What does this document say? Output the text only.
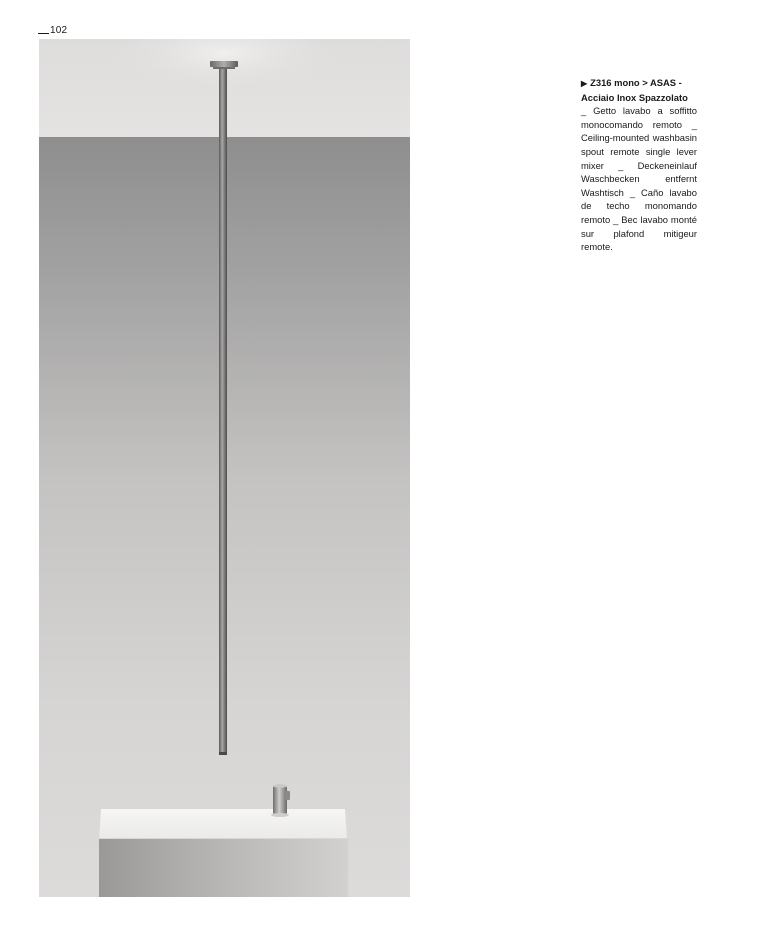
102
▶ Z316 mono > ASAS -
Acciaio Inox Spazzolato
_ Getto lavabo a soffitto monocomando remoto _ Ceiling-mounted washbasin spout remote single lever mixer _ Deckeneinlauf Waschbecken entfernt Washtisch _ Caño lavabo de techo monomando remoto _ Bec lavabo monté sur plafond mitigeur remote.
